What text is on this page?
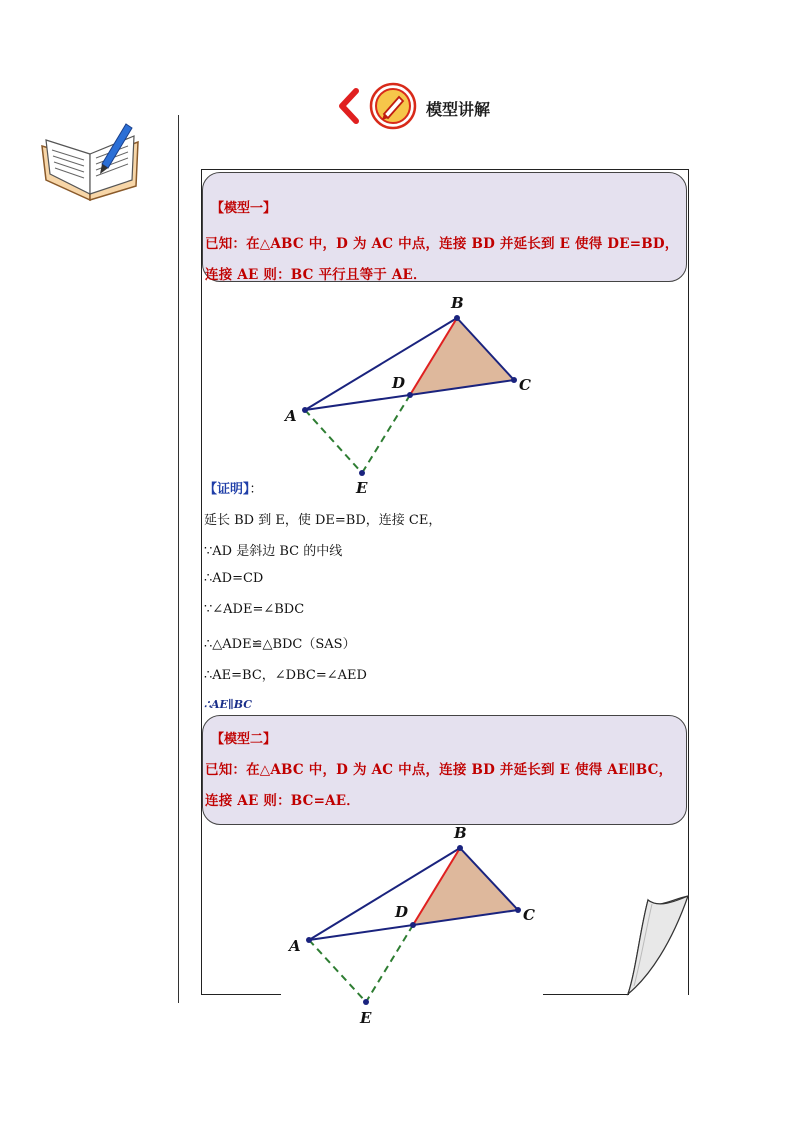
模型讲解
【模型一】
已知：在△ABC 中，D 为 AC 中点，连接 BD 并延长到 E 使得 DE=BD，连接 AE 则：BC 平行且等于 AE．
A
B
C
D
E
【证明】：
延长 BD 到 E，使 DE=BD，连接 CE，
∵AD 是斜边 BC 的中线
∴AD=CD
∵∠ADE=∠BDC
∴△ADE≌△BDC（SAS）
∴AE=BC，∠DBC=∠AED
∴AE∥BC
【模型二】
已知：在△ABC 中，D 为 AC 中点，连接 BD 并延长到 E 使得 AE∥BC，连接 AE 则：BC=AE．
A
B
C
D
E
